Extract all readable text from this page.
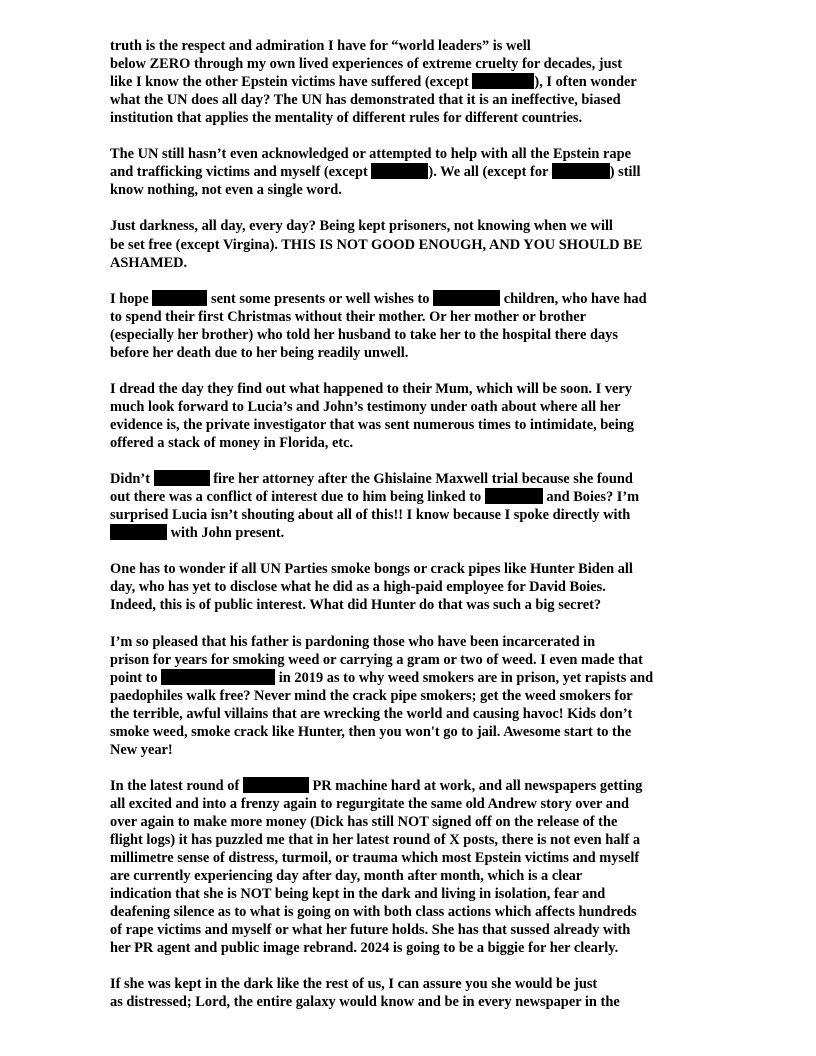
truth is the respect and admiration I have for “world leaders” is well
below ZERO through my own lived experiences of extreme cruelty for decades, just
like I know the other Epstein victims have suffered (except	), I often wonder
what the UN does all day? The UN has demonstrated that it is an ineffective, biased
institution that applies the mentality of different rules for different countries.
The UN still hasn’t even acknowledged or attempted to help with all the Epstein rape
and trafficking victims and myself (except	). We all (except for	) still
know nothing, not even a single word.
Just darkness, all day, every day? Being kept prisoners, not knowing when we will
be set free (except Virgina). THIS IS NOT GOOD ENOUGH, AND YOU SHOULD BE
ASHAMED.
I hope	sent some presents or well wishes to	children, who have had
to spend their first Christmas without their mother. Or her mother or brother
(especially her brother) who told her husband to take her to the hospital there days
before her death due to her being readily unwell.
I dread the day they find out what happened to their Mum, which will be soon. I very
much look forward to Lucia’s and John’s testimony under oath about where all her
evidence is, the private investigator that was sent numerous times to intimidate, being
offered a stack of money in Florida, etc.
Didn’t	fire her attorney after the Ghislaine Maxwell trial because she found
out there was a conflict of interest due to him being linked to	and Boies? I’m
surprised Lucia isn’t shouting about all of this!! I know because I spoke directly with
with John present.
One has to wonder if all UN Parties smoke bongs or crack pipes like Hunter Biden all
day, who has yet to disclose what he did as a high-paid employee for David Boies.
Indeed, this is of public interest. What did Hunter do that was such a big secret?
I’m so pleased that his father is pardoning those who have been incarcerated in
prison for years for smoking weed or carrying a gram or two of weed. I even made that
point to	in 2019 as to why weed smokers are in prison, yet rapists and
paedophiles walk free? Never mind the crack pipe smokers; get the weed smokers for
the terrible, awful villains that are wrecking the world and causing havoc! Kids don’t
smoke weed, smoke crack like Hunter, then you won't go to jail. Awesome start to the
New year!
In the latest round of	PR machine hard at work, and all newspapers getting
all excited and into a frenzy again to regurgitate the same old Andrew story over and
over again to make more money (Dick has still NOT signed off on the release of the
flight logs) it has puzzled me that in her latest round of X posts, there is not even half a
millimetre sense of distress, turmoil, or trauma which most Epstein victims and myself
are currently experiencing day after day, month after month, which is a clear
indication that she is NOT being kept in the dark and living in isolation, fear and
deafening silence as to what is going on with both class actions which affects hundreds
of rape victims and myself or what her future holds. She has that sussed already with
her PR agent and public image rebrand. 2024 is going to be a biggie for her clearly.
If she was kept in the dark like the rest of us, I can assure you she would be just
as distressed; Lord, the entire galaxy would know and be in every newspaper in the
